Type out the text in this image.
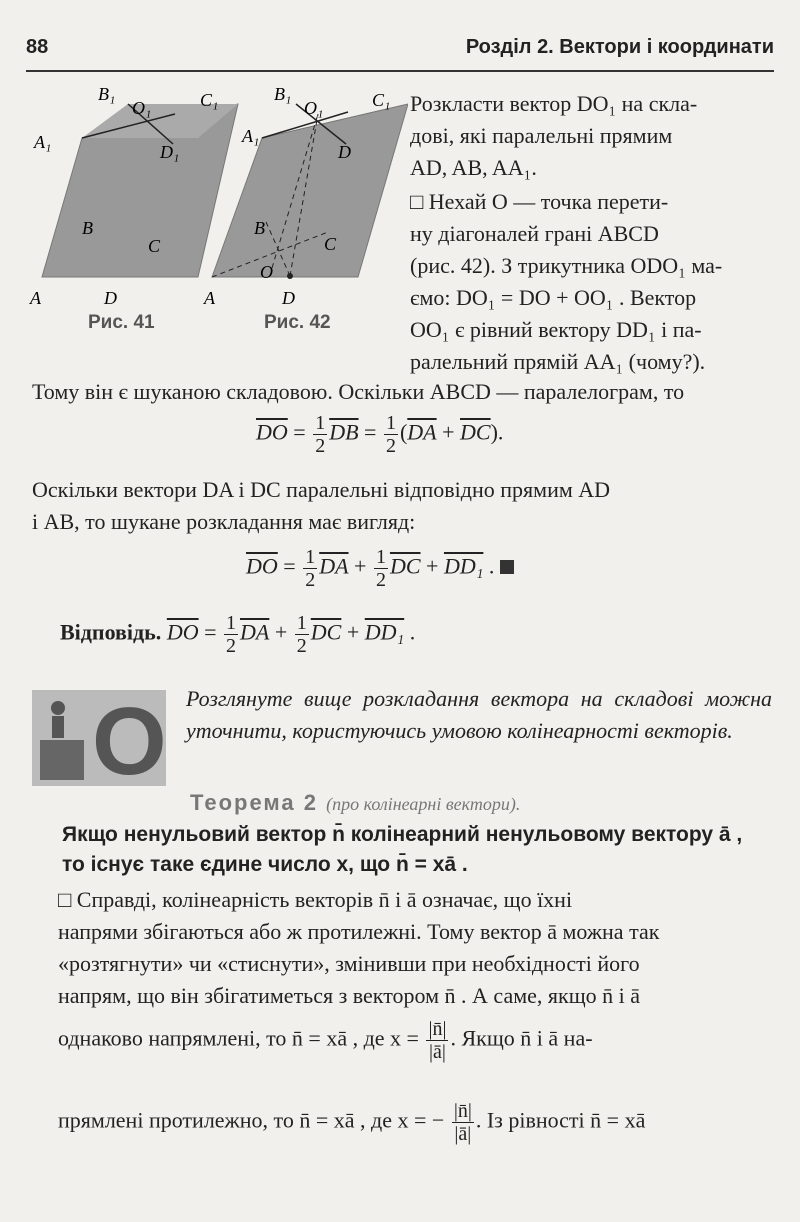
88	Розділ 2. Вектори і координати
A	D
B
C
A₁
B₁
O₁	C₁
D₁
A	D
B
O
C
A₁
B₁
O₁	C₁
D
Рис. 41	Рис. 42
Розкласти вектор DO₁ на скла-
дові, які паралельні прямим
AD, AB, AA₁.
□ Нехай O — точка перети-
ну діагоналей грані ABCD
(рис. 42). З трикутника ODO₁ ма-
ємо: DO₁ = DO + OO₁ . Вектор
OO₁ є рівний вектору DD₁ і па-
ралельний прямій AA₁ (чому?).
Тому він є шуканою складовою. Оскільки ABCD — паралелограм, то
$\overline{DO} = \frac{1}{2} \overline{DB} = \frac{1}{2} (\overline{DA} + \overline{DC})$.
Оскільки вектори DA і DC паралельні відповідно прямим AD
і AB, то шукане розкладання має вигляд:
$\overline{DO} = \frac{1}{2} \overline{DA} + \frac{1}{2} \overline{DC} + DD_1$ .
Відповідь. $\overline{DO} = \frac{1}{2} \overline{DA} + \frac{1}{2} \overline{DC} + DD_1$ .
O Розглянуте вище розкладання вектора на складові можна уточнити, користуючись умовою колінеарності векторів.
Теорема 2 (про колінеарні вектори).
Якщо ненульовий вектор n̄ колінеарний ненульовому вектору ā , то існує таке єдине число x, що n̄ = xā .
□ Справді, колінеарність векторів n̄ і ā означає, що їхні
напрями збігаються або ж протилежні. Тому вектор ā можна так
«розтягнути» чи «стиснути», змінивши при необхідності його
напрям, що він збігатиметься з вектором n̄ . А саме, якщо n̄ і ā
однаково напрямлені, то n̄ = xā , де $x = \frac{|n̄|}{|ā|}$ . Якщо n̄ і ā на-
прямлені протилежно, то n̄ = xā , де x = − $\frac{|n̄|}{|ā|}$ . Із рівності n̄ = xā
